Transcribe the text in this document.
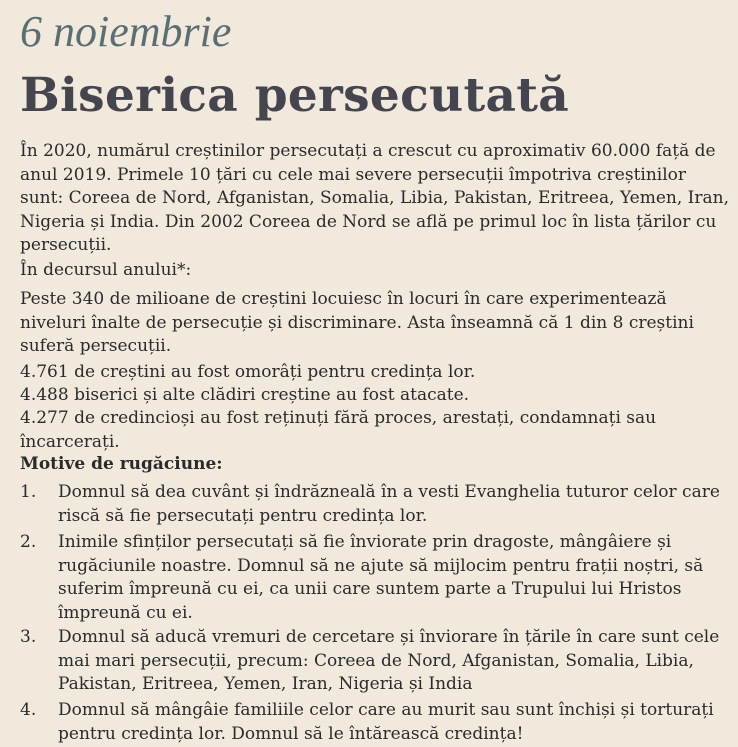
6 noiembrie
Biserica persecutată

În 2020, numărul creștinilor persecutați a crescut cu aproximativ 60.000 față de anul 2019. Primele 10 țări cu cele mai severe persecuții împotriva creștinilor sunt: Coreea de Nord, Afganistan, Somalia, Libia, Pakistan, Eritreea, Yemen, Iran, Nigeria și India. Din 2002 Coreea de Nord se află pe primul loc în lista țărilor cu persecuții.

În decursul anului*:

Peste 340 de milioane de creștini locuiesc în locuri în care experimentează niveluri înalte de persecuție și discriminare. Asta înseamnă că 1 din 8 creștini suferă persecuții.

4.761 de creștini au fost omorâți pentru credința lor.

4.488 biserici și alte clădiri creștine au fost atacate.

4.277 de credincioși au fost reținuți fără proces, arestați, condamnați sau încarcerați.

Motive de rugăciune:

1.	Domnul să dea cuvânt și îndrăzneală în a vesti Evanghelia tuturor celor care riscă să fie persecutați pentru credința lor.
2.	Inimile sfinților persecutați să fie înviorate prin dragoste, mângâiere și rugăciunile noastre. Domnul să ne ajute să mijlocim pentru frații noștri, să suferim împreună cu ei, ca unii care suntem parte a Trupului lui Hristos împreună cu ei.
3.	Domnul să aducă vremuri de cercetare și înviorare în țările în care sunt cele mai mari persecuții, precum: Coreea de Nord, Afganistan, Somalia, Libia, Pakistan, Eritreea, Yemen, Iran, Nigeria și India
4.	Domnul să mângâie familiile celor care au murit sau sunt închiși și torturați pentru credința lor. Domnul să le întărească credința!
